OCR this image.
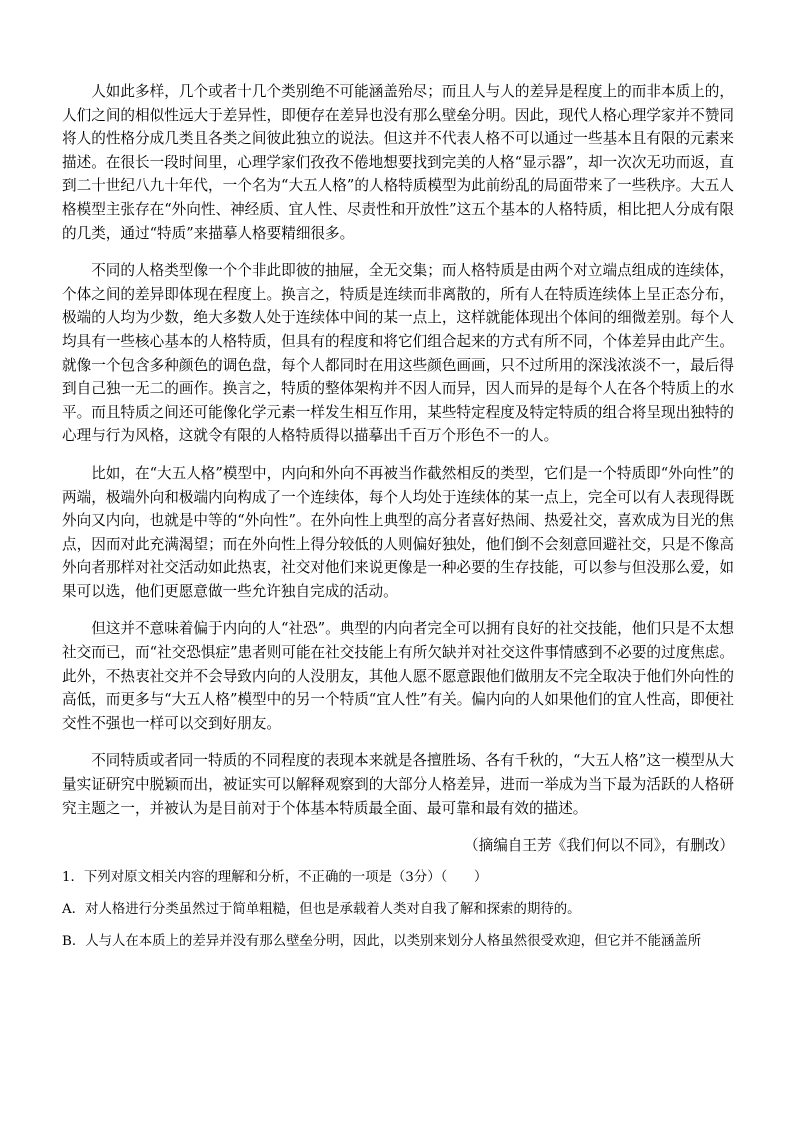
人如此多样，几个或者十几个类别绝不可能涵盖殆尽；而且人与人的差异是程度上的而非本质上的，人们之间的相似性远大于差异性，即便存在差异也没有那么壁垒分明。因此，现代人格心理学家并不赞同将人的性格分成几类且各类之间彼此独立的说法。但这并不代表人格不可以通过一些基本且有限的元素来描述。在很长一段时间里，心理学家们孜孜不倦地想要找到完美的人格“显示器”，却一次次无功而返，直到二十世纪八九十年代，一个名为“大五人格”的人格特质模型为此前纷乱的局面带来了一些秩序。大五人格模型主张存在“外向性、神经质、宜人性、尽责性和开放性”这五个基本的人格特质，相比把人分成有限的几类，通过“特质”来描摹人格要精细很多。

不同的人格类型像一个个非此即彼的抽屉，全无交集；而人格特质是由两个对立端点组成的连续体，个体之间的差异即体现在程度上。换言之，特质是连续而非离散的，所有人在特质连续体上呈正态分布，极端的人均为少数，绝大多数人处于连续体中间的某一点上，这样就能体现出个体间的细微差别。每个人均具有一些核心基本的人格特质，但具有的程度和将它们组合起来的方式有所不同，个体差异由此产生。就像一个包含多种颜色的调色盘，每个人都同时在用这些颜色画画，只不过所用的深浅浓淡不一，最后得到自己独一无二的画作。换言之，特质的整体架构并不因人而异，因人而异的是每个人在各个特质上的水平。而且特质之间还可能像化学元素一样发生相互作用，某些特定程度及特定特质的组合将呈现出独特的心理与行为风格，这就令有限的人格特质得以描摹出千百万个形色不一的人。

比如，在“大五人格”模型中，内向和外向不再被当作截然相反的类型，它们是一个特质即“外向性”的两端，极端外向和极端内向构成了一个连续体，每个人均处于连续体的某一点上，完全可以有人表现得既外向又内向，也就是中等的“外向性”。在外向性上典型的高分者喜好热闹、热爱社交，喜欢成为目光的焦点，因而对此充满渴望；而在外向性上得分较低的人则偏好独处，他们倒不会刻意回避社交，只是不像高外向者那样对社交活动如此热衷，社交对他们来说更像是一种必要的生存技能，可以参与但没那么爱，如果可以选，他们更愿意做一些允许独自完成的活动。

但这并不意味着偏于内向的人“社恐”。典型的内向者完全可以拥有良好的社交技能，他们只是不太想社交而已，而“社交恐惧症”患者则可能在社交技能上有所欠缺并对社交这件事情感到不必要的过度焦虑。此外，不热衷社交并不会导致内向的人没朋友，其他人愿不愿意跟他们做朋友不完全取决于他们外向性的高低，而更多与“大五人格”模型中的另一个特质“宜人性”有关。偏内向的人如果他们的宜人性高，即便社交性不强也一样可以交到好朋友。

不同特质或者同一特质的不同程度的表现本来就是各擅胜场、各有千秋的，“大五人格”这一模型从大量实证研究中脱颖而出，被证实可以解释观察到的大部分人格差异，进而一举成为当下最为活跃的人格研究主题之一，并被认为是目前对于个体基本特质最全面、最可靠和最有效的描述。

（摘编自王芳《我们何以不同》，有删改）

1．下列对原文相关内容的理解和分析，不正确的一项是（3分）（　　）

A．对人格进行分类虽然过于简单粗糙，但也是承载着人类对自我了解和探索的期待的。

B．人与人在本质上的差异并没有那么壁垒分明，因此，以类别来划分人格虽然很受欢迎，但它并不能涵盖所
